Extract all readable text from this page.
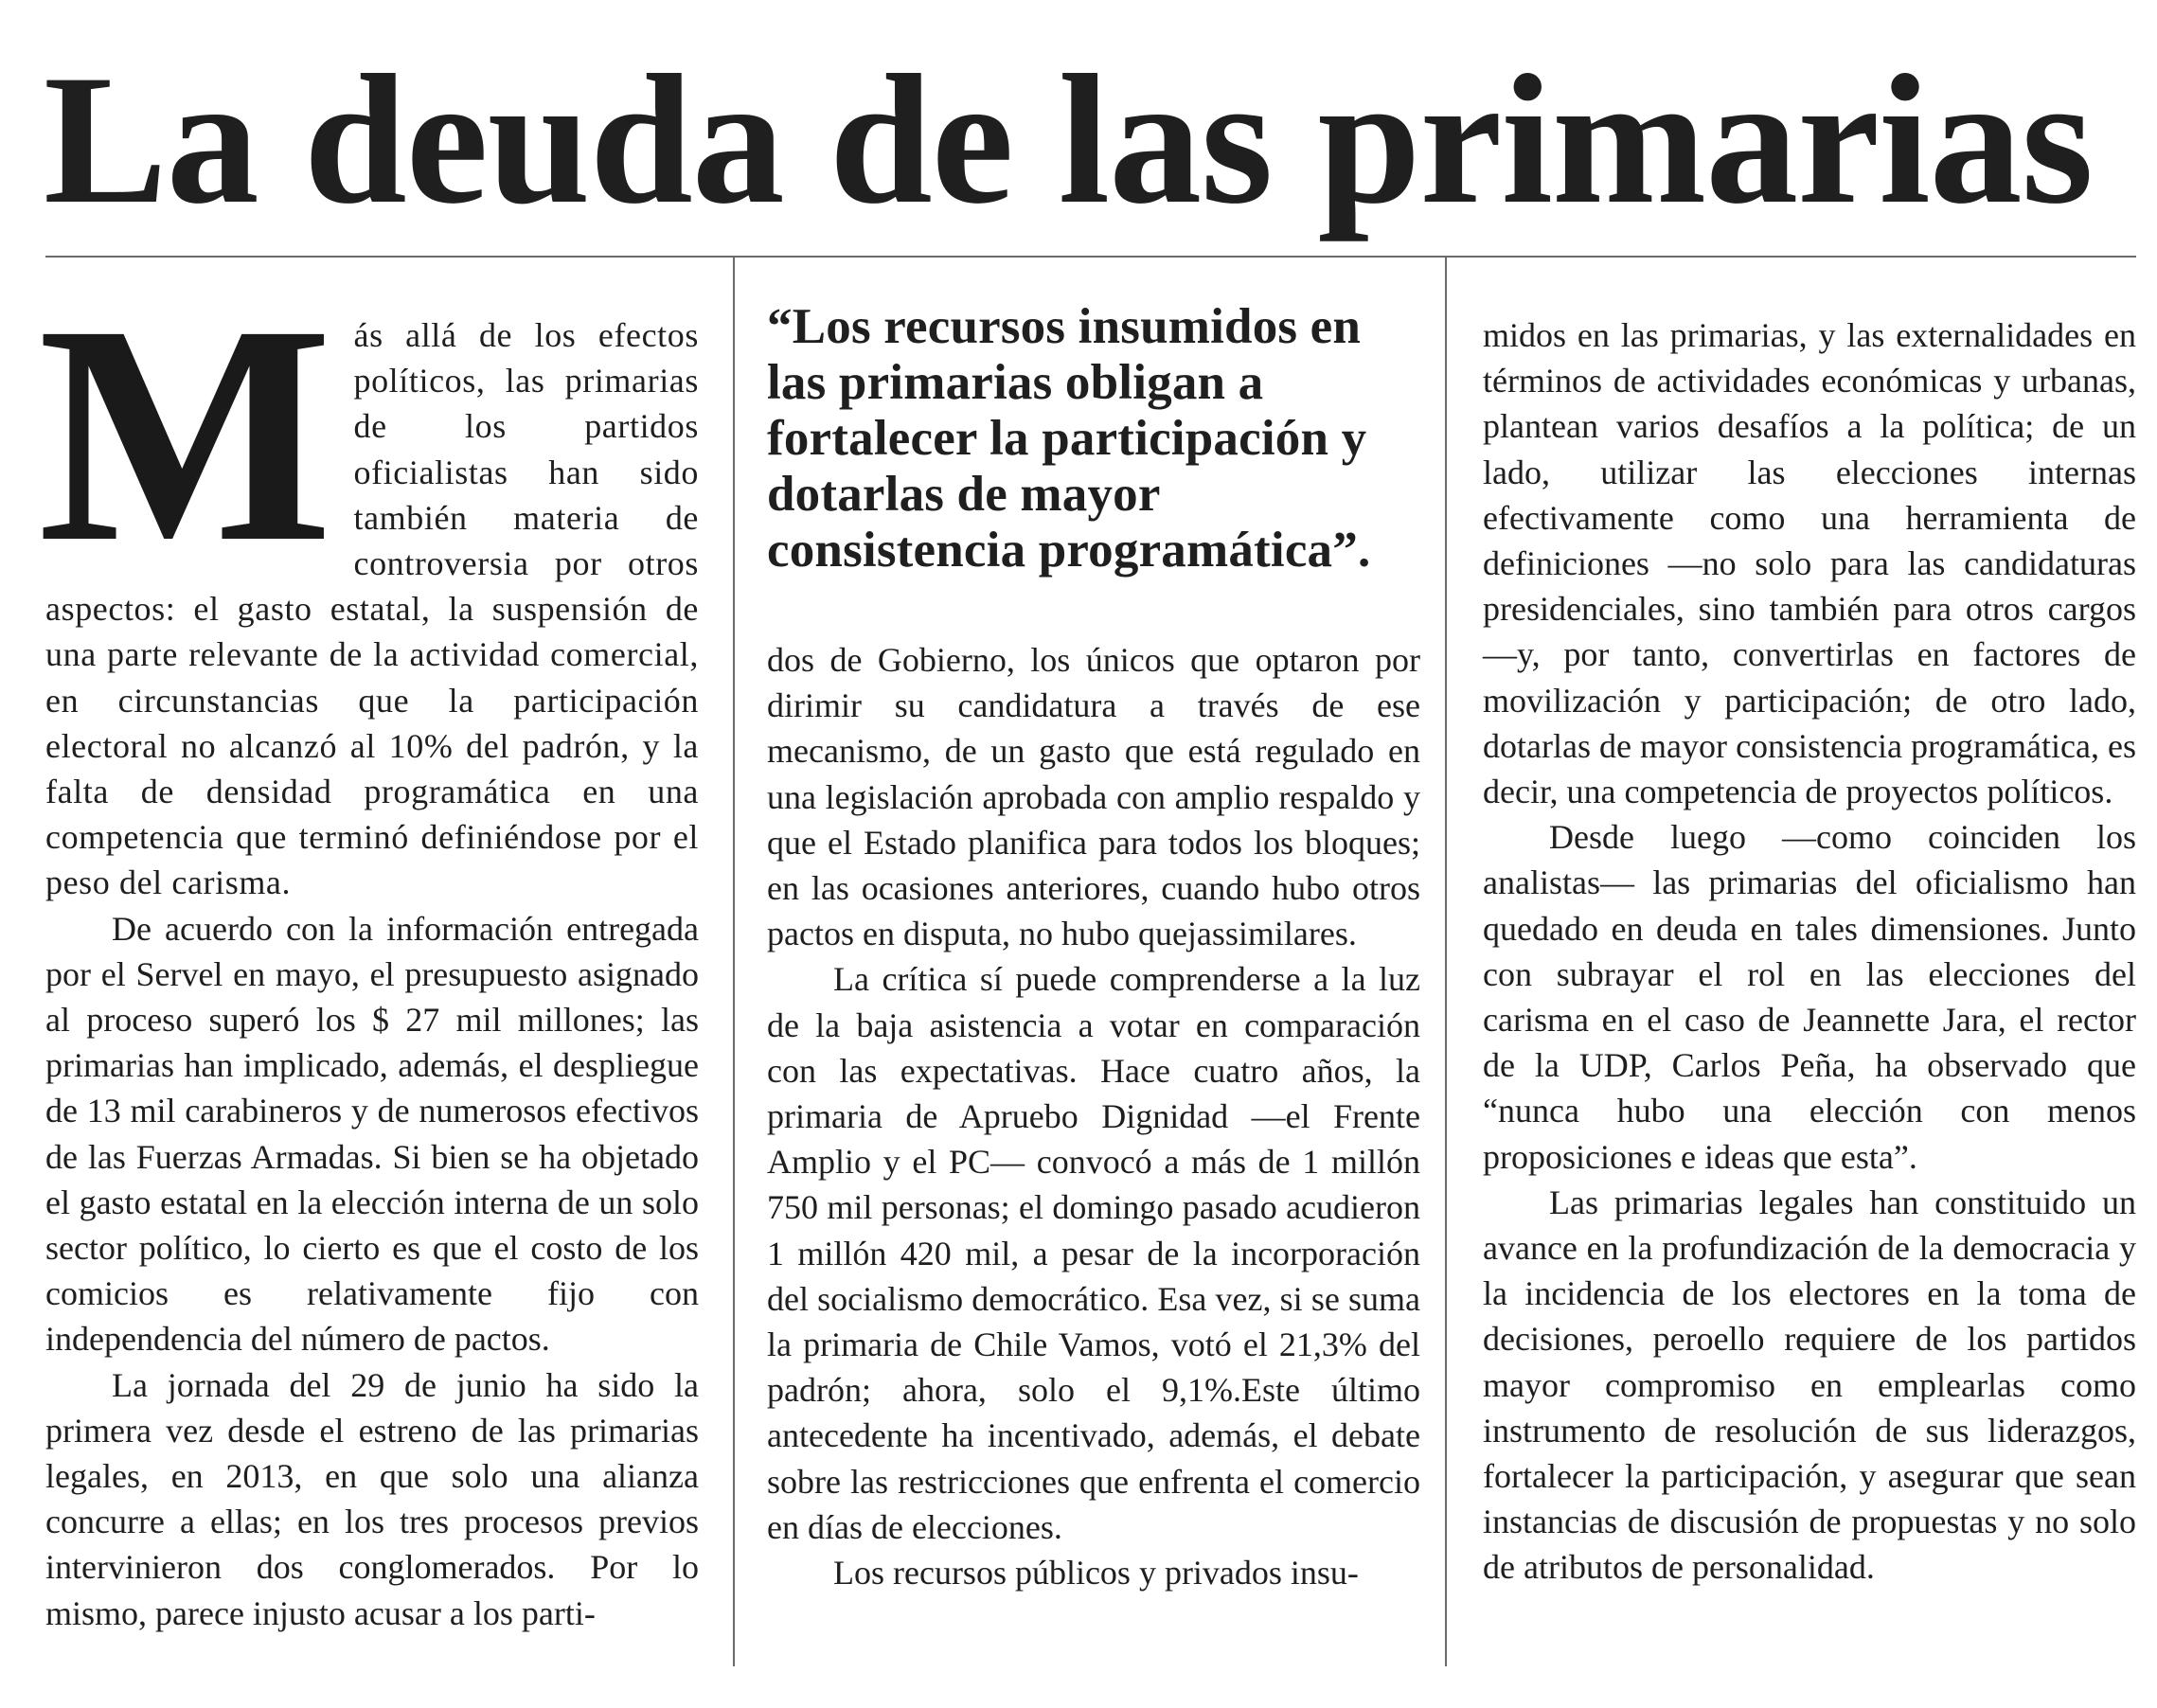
La deuda de las primarias

Más allá de los efectos políticos, las primarias de los partidos oficialistas han sido también materia de controversia por otros aspectos: el gasto estatal, la suspensión de una parte relevante de la actividad comercial, en circunstancias que la participación electoral no alcanzó al 10% del padrón, y la falta de densidad programática en una competencia que terminó definiéndose por el peso del carisma.

De acuerdo con la información entregada por el Servel en mayo, el presupuesto asignado al proceso superó los $ 27 mil millones; las primarias han implicado, además, el despliegue de 13 mil carabineros y de numerosos efectivos de las Fuerzas Armadas. Si bien se ha objetado el gasto estatal en la elección interna de un solo sector político, lo cierto es que el costo de los comicios es relativamente fijo con independencia del número de pactos.

La jornada del 29 de junio ha sido la primera vez desde el estreno de las primarias legales, en 2013, en que solo una alianza concurre a ellas; en los tres procesos previos intervinieron dos conglomerados. Por lo mismo, parece injusto acusar a los parti-

“Los recursos insumidos en las primarias obligan a fortalecer la participación y dotarlas de mayor consistencia programática”.

dos de Gobierno, los únicos que optaron por dirimir su candidatura a través de ese mecanismo, de un gasto que está regulado en una legislación aprobada con amplio respaldo y que el Estado planifica para todos los bloques; en las ocasiones anteriores, cuando hubo otros pactos en disputa, no hubo quejassimilares.

La crítica sí puede comprenderse a la luz de la baja asistencia a votar en comparación con las expectativas. Hace cuatro años, la primaria de Apruebo Dignidad —el Frente Amplio y el PC— convocó a más de 1 millón 750 mil personas; el domingo pasado acudieron 1 millón 420 mil, a pesar de la incorporación del socialismo democrático. Esa vez, si se suma la primaria de Chile Vamos, votó el 21,3% del padrón; ahora, solo el 9,1%.Este último antecedente ha incentivado, además, el debate sobre las restricciones que enfrenta el comercio en días de elecciones.

Los recursos públicos y privados insu-

midos en las primarias, y las externalidades en términos de actividades económicas y urbanas, plantean varios desafíos a la política; de un lado, utilizar las elecciones internas efectivamente como una herramienta de definiciones —no solo para las candidaturas presidenciales, sino también para otros cargos—y, por tanto, convertirlas en factores de movilización y participación; de otro lado, dotarlas de mayor consistencia programática, es decir, una competencia de proyectos políticos.

Desde luego —como coinciden los analistas— las primarias del oficialismo han quedado en deuda en tales dimensiones. Junto con subrayar el rol en las elecciones del carisma en el caso de Jeannette Jara, el rector de la UDP, Carlos Peña, ha observado que “nunca hubo una elección con menos proposiciones e ideas que esta”.

Las primarias legales han constituido un avance en la profundización de la democracia y la incidencia de los electores en la toma de decisiones, peroello requiere de los partidos mayor compromiso en emplearlas como instrumento de resolución de sus liderazgos, fortalecer la participación, y asegurar que sean instancias de discusión de propuestas y no solo de atributos de personalidad.
